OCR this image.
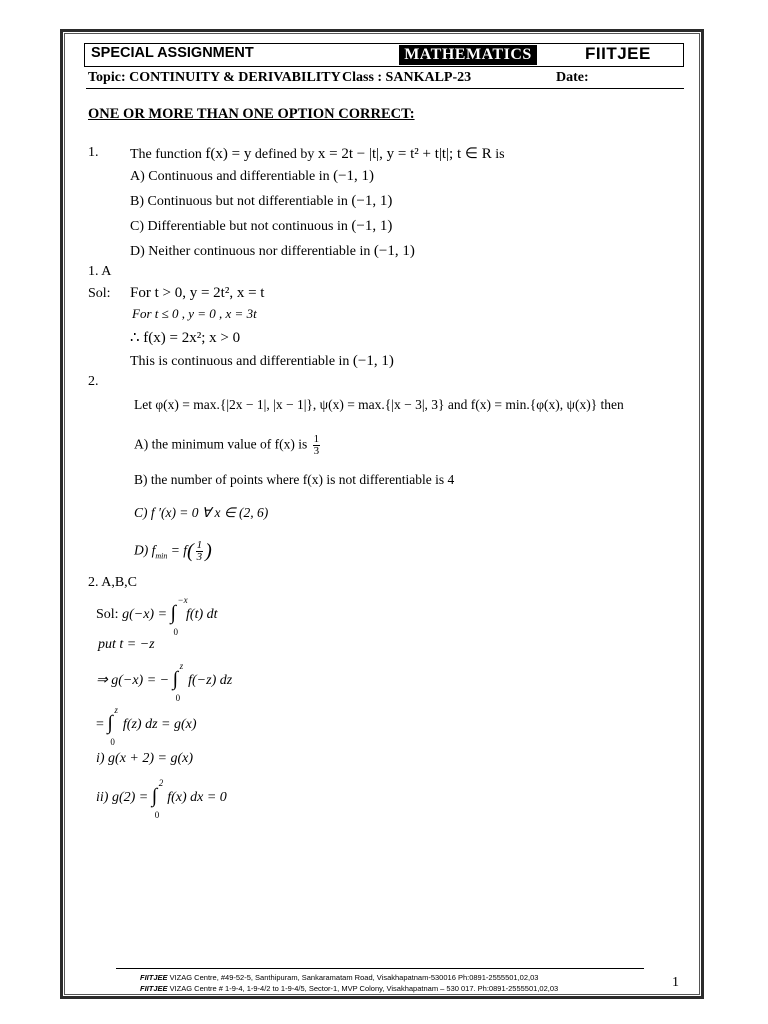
SPECIAL ASSIGNMENT	MATHEMATICS	FIITJEE
Topic: CONTINUITY & DERIVABILITY Class : SANKALP-23	Date:
ONE OR MORE THAN ONE OPTION CORRECT:
1. The function f(x) = y defined by x = 2t − |t|, y = t² + t|t|; t ∈ R is
A) Continuous and differentiable in (−1, 1)
B) Continuous but not differentiable in (−1, 1)
C) Differentiable but not continuous in (−1, 1)
D) Neither continuous nor differentiable in (−1, 1)
1. A
Sol: For t > 0, y = 2t², x = t
For t ≤ 0 , y = 0 , x = 3t
∴ f(x) = 2x²; x > 0
This is continuous and differentiable in (−1, 1)
2.
Let φ(x) = max.{|2x − 1|, |x − 1|}, ψ(x) = max.{|x − 3|, 3} and f(x) = min.{φ(x), ψ(x)} then
A) the minimum value of f(x) is $\frac{1}{3}$
B) the number of points where f(x) is not differentiable is 4
C) f ′(x) = 0 ∀ x ∈ (2, 6)
D) $f_{min} = f( \frac{1}{3}$ )
2. A,B,C
Sol: g(−x) = ∫
−x
0
f(t) dt
put t = −z
⇒ g(−x) = − ∫
z
0
f(−z) dz
= ∫
z
0
f(z) dz = g(x)
i) g(x + 2) = g(x)
ii) g(2) = ∫
2
0
f(x) dx = 0
FIITJEE VIZAG Centre, #49-52-5, Santhipuram, Sankaramatam Road, Visakhapatnam-530016 Ph:0891-2555501,02,03
FIITJEE VIZAG Centre # 1-9-4, 1-9-4/2 to 1-9-4/5, Sector-1, MVP Colony, Visakhapatnam – 530 017. Ph:0891-2555501,02,03	1
